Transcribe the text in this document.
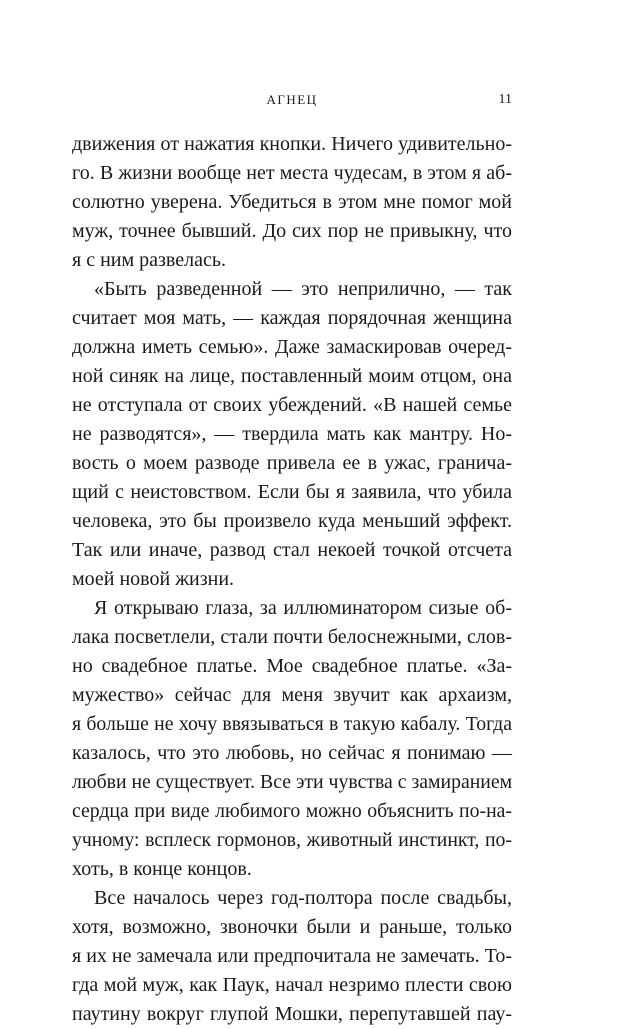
АГНЕЦ	11
движения от нажатия кнопки. Ничего удивительно-
го. В жизни вообще нет места чудесам, в этом я аб-
солютно уверена. Убедиться в этом мне помог мой
муж, точнее бывший. До сих пор не привыкну, что
я с ним развелась.
«Быть разведенной — это неприлично, — так
считает моя мать, — каждая порядочная женщина
должна иметь семью». Даже замаскировав очеред-
ной синяк на лице, поставленный моим отцом, она
не отступала от своих убеждений. «В нашей семье
не разводятся», — твердила мать как мантру. Но-
вость о моем разводе привела ее в ужас, гранича-
щий с неистовством. Если бы я заявила, что убила
человека, это бы произвело куда меньший эффект.
Так или иначе, развод стал некоей точкой отсчета
моей новой жизни.
Я открываю глаза, за иллюминатором сизые об-
лака посветлели, стали почти белоснежными, слов-
но свадебное платье. Мое свадебное платье. «За-
мужество» сейчас для меня звучит как архаизм,
я больше не хочу ввязываться в такую кабалу. Тогда
казалось, что это любовь, но сейчас я понимаю —
любви не существует. Все эти чувства с замиранием
сердца при виде любимого можно объяснить по-на-
учному: всплеск гормонов, животный инстинкт, по-
хоть, в конце концов.
Все началось через год-полтора после свадьбы,
хотя, возможно, звоночки были и раньше, только
я их не замечала или предпочитала не замечать. То-
гда мой муж, как Паук, начал незримо плести свою
паутину вокруг глупой Мошки, перепутавшей пау-
